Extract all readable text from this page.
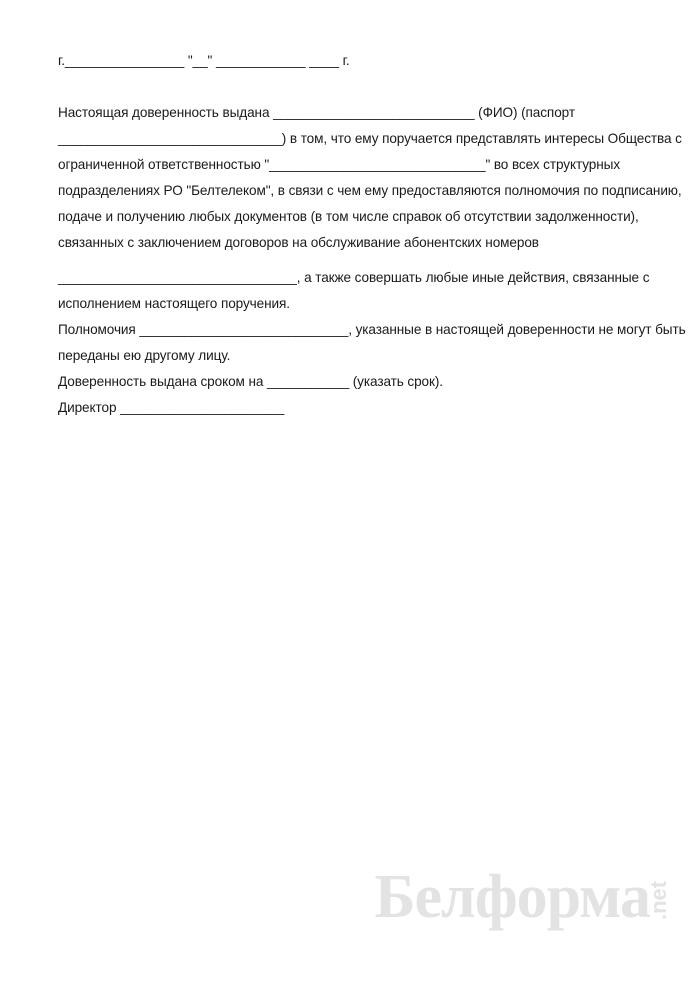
г.________________ "__" ____________ ____ г.
Настоящая доверенность выдана ___________________________ (ФИО) (паспорт
______________________________) в том, что ему поручается представлять интересы Общества с
ограниченной ответственностью "_____________________________" во всех структурных
подразделениях РО "Белтелеком", в связи с чем ему предоставляются полномочия по подписанию,
подаче и получению любых документов (в том числе справок об отсутствии задолженности),
связанных с заключением договоров на обслуживание абонентских номеров
________________________________, а также совершать любые иные действия, связанные с
исполнением настоящего поручения.
Полномочия ____________________________, указанные в настоящей доверенности не могут быть
переданы ею другому лицу.
Доверенность выдана сроком на ___________ (указать срок).
Директор ______________________
Белформа
.net
